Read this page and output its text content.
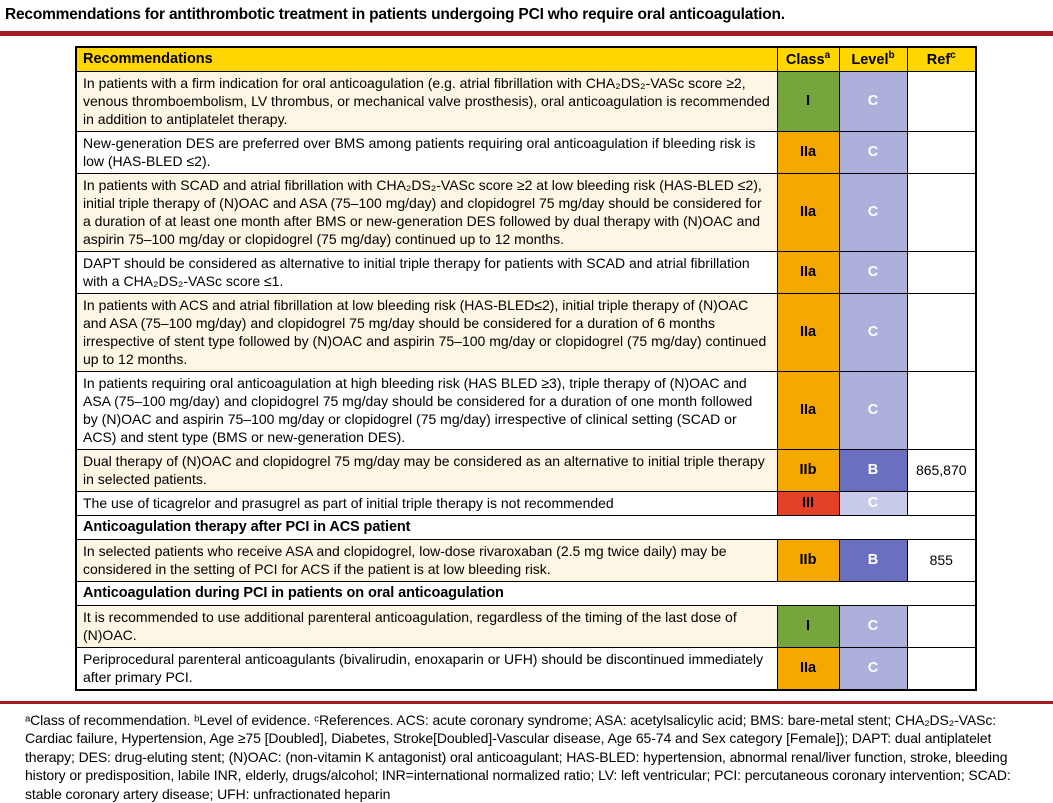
Recommendations for antithrombotic treatment in patients undergoing PCI who require oral anticoagulation.
Recommendations	Class$^a$	Level$^b$	Ref$^c$
In patients with a firm indication for oral anticoagulation (e.g. atrial fibrillation with CHA₂DS₂-VASc score ≥2, venous thromboembolism, LV thrombus, or mechanical valve prosthesis), oral anticoagulation is recommended in addition to antiplatelet therapy.	I	C	
New-generation DES are preferred over BMS among patients requiring oral anticoagulation if bleeding risk is low (HAS-BLED ≤2).	IIa	C	
In patients with SCAD and atrial fibrillation with CHA₂DS₂-VASc score ≥2 at low bleeding risk (HAS-BLED ≤2), initial triple therapy of (N)OAC and ASA (75–100 mg/day) and clopidogrel 75 mg/day should be considered for a duration of at least one month after BMS or new-generation DES followed by dual therapy with (N)OAC and aspirin 75–100 mg/day or clopidogrel (75 mg/day) continued up to 12 months.	IIa	C	
DAPT should be considered as alternative to initial triple therapy for patients with SCAD and atrial fibrillation with a CHA₂DS₂-VASc score ≤1.	IIa	C	
In patients with ACS and atrial fibrillation at low bleeding risk (HAS-BLED≤2), initial triple therapy of (N)OAC and ASA (75–100 mg/day) and clopidogrel 75 mg/day should be considered for a duration of 6 months irrespective of stent type followed by (N)OAC and aspirin 75–100 mg/day or clopidogrel (75 mg/day) continued up to 12 months.	IIa	C	
In patients requiring oral anticoagulation at high bleeding risk (HAS BLED ≥3), triple therapy of (N)OAC and ASA (75–100 mg/day) and clopidogrel 75 mg/day should be considered for a duration of one month followed by (N)OAC and aspirin 75–100 mg/day or clopidogrel (75 mg/day) irrespective of clinical setting (SCAD or ACS) and stent type (BMS or new-generation DES).	IIa	C	
Dual therapy of (N)OAC and clopidogrel 75 mg/day may be considered as an alternative to initial triple therapy in selected patients.	IIb	B	865,870
The use of ticagrelor and prasugrel as part of initial triple therapy is not recommended	III	C	
Anticoagulation therapy after PCI in ACS patient			
In selected patients who receive ASA and clopidogrel, low-dose rivaroxaban (2.5 mg twice daily) may be considered in the setting of PCI for ACS if the patient is at low bleeding risk.	IIb	B	855
Anticoagulation during PCI in patients on oral anticoagulation			
It is recommended to use additional parenteral anticoagulation, regardless of the timing of the last dose of (N)OAC.	I	C	
Periprocedural parenteral anticoagulants (bivalirudin, enoxaparin or UFH) should be discontinued immediately after primary PCI.	IIa	C	
ᵃClass of recommendation. ᵇLevel of evidence. ᶜReferences. ACS: acute coronary syndrome; ASA: acetylsalicylic acid; BMS: bare-metal stent; CHA₂DS₂-VASc: Cardiac failure, Hypertension, Age ≥75 [Doubled], Diabetes, Stroke[Doubled]-Vascular disease, Age 65-74 and Sex category [Female]); DAPT: dual antiplatelet therapy; DES: drug-eluting stent; (N)OAC: (non-vitamin K antagonist) oral anticoagulant; HAS-BLED: hypertension, abnormal renal/liver function, stroke, bleeding history or predisposition, labile INR, elderly, drugs/alcohol; INR=international normalized ratio; LV: left ventricular; PCI: percutaneous coronary intervention; SCAD: stable coronary artery disease; UFH: unfractionated heparin
